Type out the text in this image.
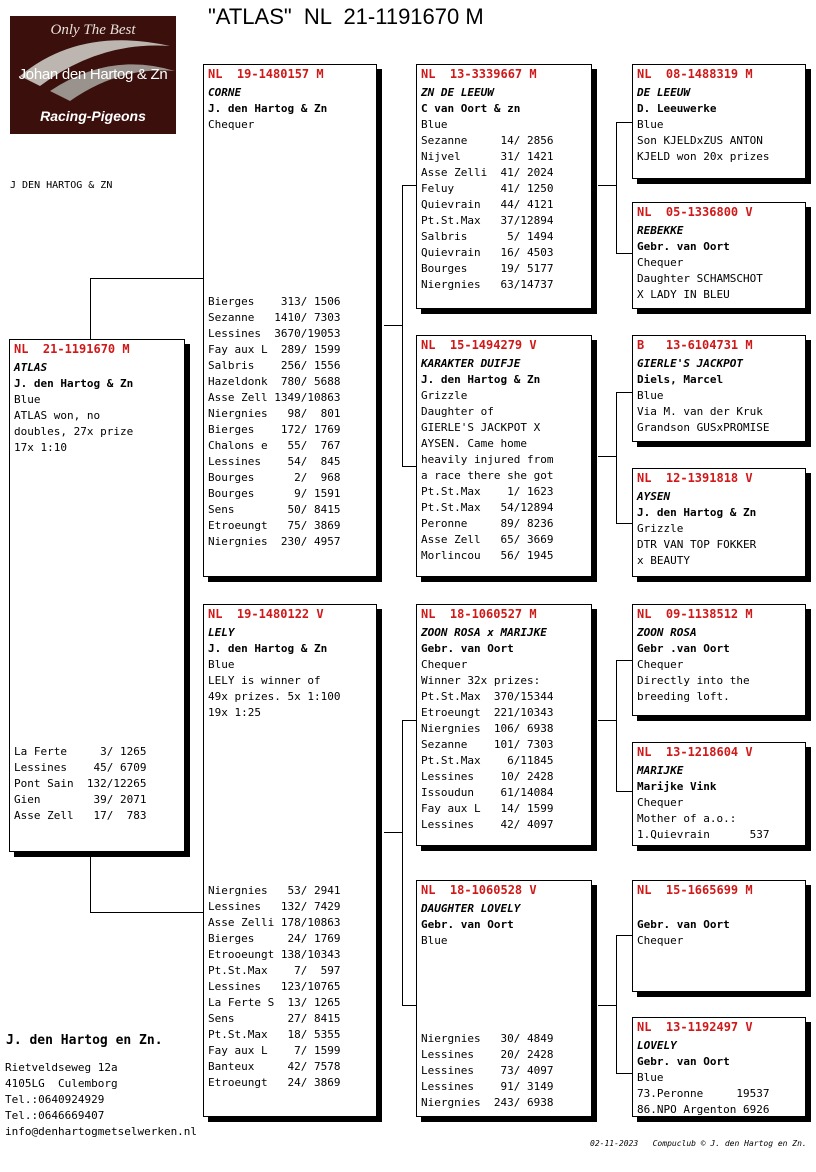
"ATLAS"  NL  21-1191670 M
Only The Best
Johan den Hartog & Zn
Racing-Pigeons
J DEN HARTOG & ZN
NL  21-1191670 M
ATLAS
J. den Hartog & Zn
Blue
ATLAS won, no
doubles, 27x prize
17x 1:10
La Ferte     3/ 1265
Lessines    45/ 6709
Pont Sain  132/12265
Gien        39/ 2071
Asse Zell   17/  783
NL  19-1480157 M
CORNE
J. den Hartog & Zn
Chequer
Bierges    313/ 1506
Sezanne   1410/ 7303
Lessines  3670/19053
Fay aux L  289/ 1599
Salbris    256/ 1556
Hazeldonk  780/ 5688
Asse Zell 1349/10863
Niergnies   98/  801
Bierges    172/ 1769
Chalons e   55/  767
Lessines    54/  845
Bourges      2/  968
Bourges      9/ 1591
Sens        50/ 8415
Etroeungt   75/ 3869
Niergnies  230/ 4957
NL  19-1480122 V
LELY
J. den Hartog & Zn
Blue
LELY is winner of
49x prizes. 5x 1:100
19x 1:25
Niergnies   53/ 2941
Lessines   132/ 7429
Asse Zelli 178/10863
Bierges     24/ 1769
Etrooeungt 138/10343
Pt.St.Max    7/  597
Lessines   123/10765
La Ferte S  13/ 1265
Sens        27/ 8415
Pt.St.Max   18/ 5355
Fay aux L    7/ 1599
Banteux     42/ 7578
Etroeungt   24/ 3869
NL  13-3339667 M
ZN DE LEEUW
C van Oort & zn
Blue
Sezanne     14/ 2856
Nijvel      31/ 1421
Asse Zelli  41/ 2024
Feluy       41/ 1250
Quievrain   44/ 4121
Pt.St.Max   37/12894
Salbris      5/ 1494
Quievrain   16/ 4503
Bourges     19/ 5177
Niergnies   63/14737
NL  15-1494279 V
KARAKTER DUIFJE
J. den Hartog & Zn
Grizzle
Daughter of
GIERLE'S JACKPOT X
AYSEN. Came home
heavily injured from
a race there she got
Pt.St.Max    1/ 1623
Pt.St.Max   54/12894
Peronne     89/ 8236
Asse Zell   65/ 3669
Morlincou   56/ 1945
NL  18-1060527 M
ZOON ROSA x MARIJKE
Gebr. van Oort
Chequer
Winner 32x prizes:
Pt.St.Max  370/15344
Etroeungt  221/10343
Niergnies  106/ 6938
Sezanne    101/ 7303
Pt.St.Max    6/11845
Lessines    10/ 2428
Issoudun    61/14084
Fay aux L   14/ 1599
Lessines    42/ 4097
NL  18-1060528 V
DAUGHTER LOVELY
Gebr. van Oort
Blue
Niergnies   30/ 4849
Lessines    20/ 2428
Lessines    73/ 4097
Lessines    91/ 3149
Niergnies  243/ 6938
NL  08-1488319 M
DE LEEUW
D. Leeuwerke
Blue
Son KJELDxZUS ANTON
KJELD won 20x prizes
NL  05-1336800 V
REBEKKE
Gebr. van Oort
Chequer
Daughter SCHAMSCHOT
X LADY IN BLEU
B   13-6104731 M
GIERLE'S JACKPOT
Diels, Marcel
Blue
Via M. van der Kruk
Grandson GUSxPROMISE
NL  12-1391818 V
AYSEN
J. den Hartog & Zn
Grizzle
DTR VAN TOP FOKKER
x BEAUTY
NL  09-1138512 M
ZOON ROSA
Gebr .van Oort
Chequer
Directly into the
breeding loft.
NL  13-1218604 V
MARIJKE
Marijke Vink
Chequer
Mother of a.o.:
1.Quievrain      537
NL  15-1665699 M
Gebr. van Oort
Chequer
NL  13-1192497 V
LOVELY
Gebr. van Oort
Blue
73.Peronne     19537
86.NPO Argenton 6926
J. den Hartog en Zn.
Rietveldseweg 12a
4105LG  Culemborg
Tel.:0640924929
Tel.:0646669407
info@denhartogmetselwerken.nl
02-11-2023   Compuclub © J. den Hartog en Zn.
